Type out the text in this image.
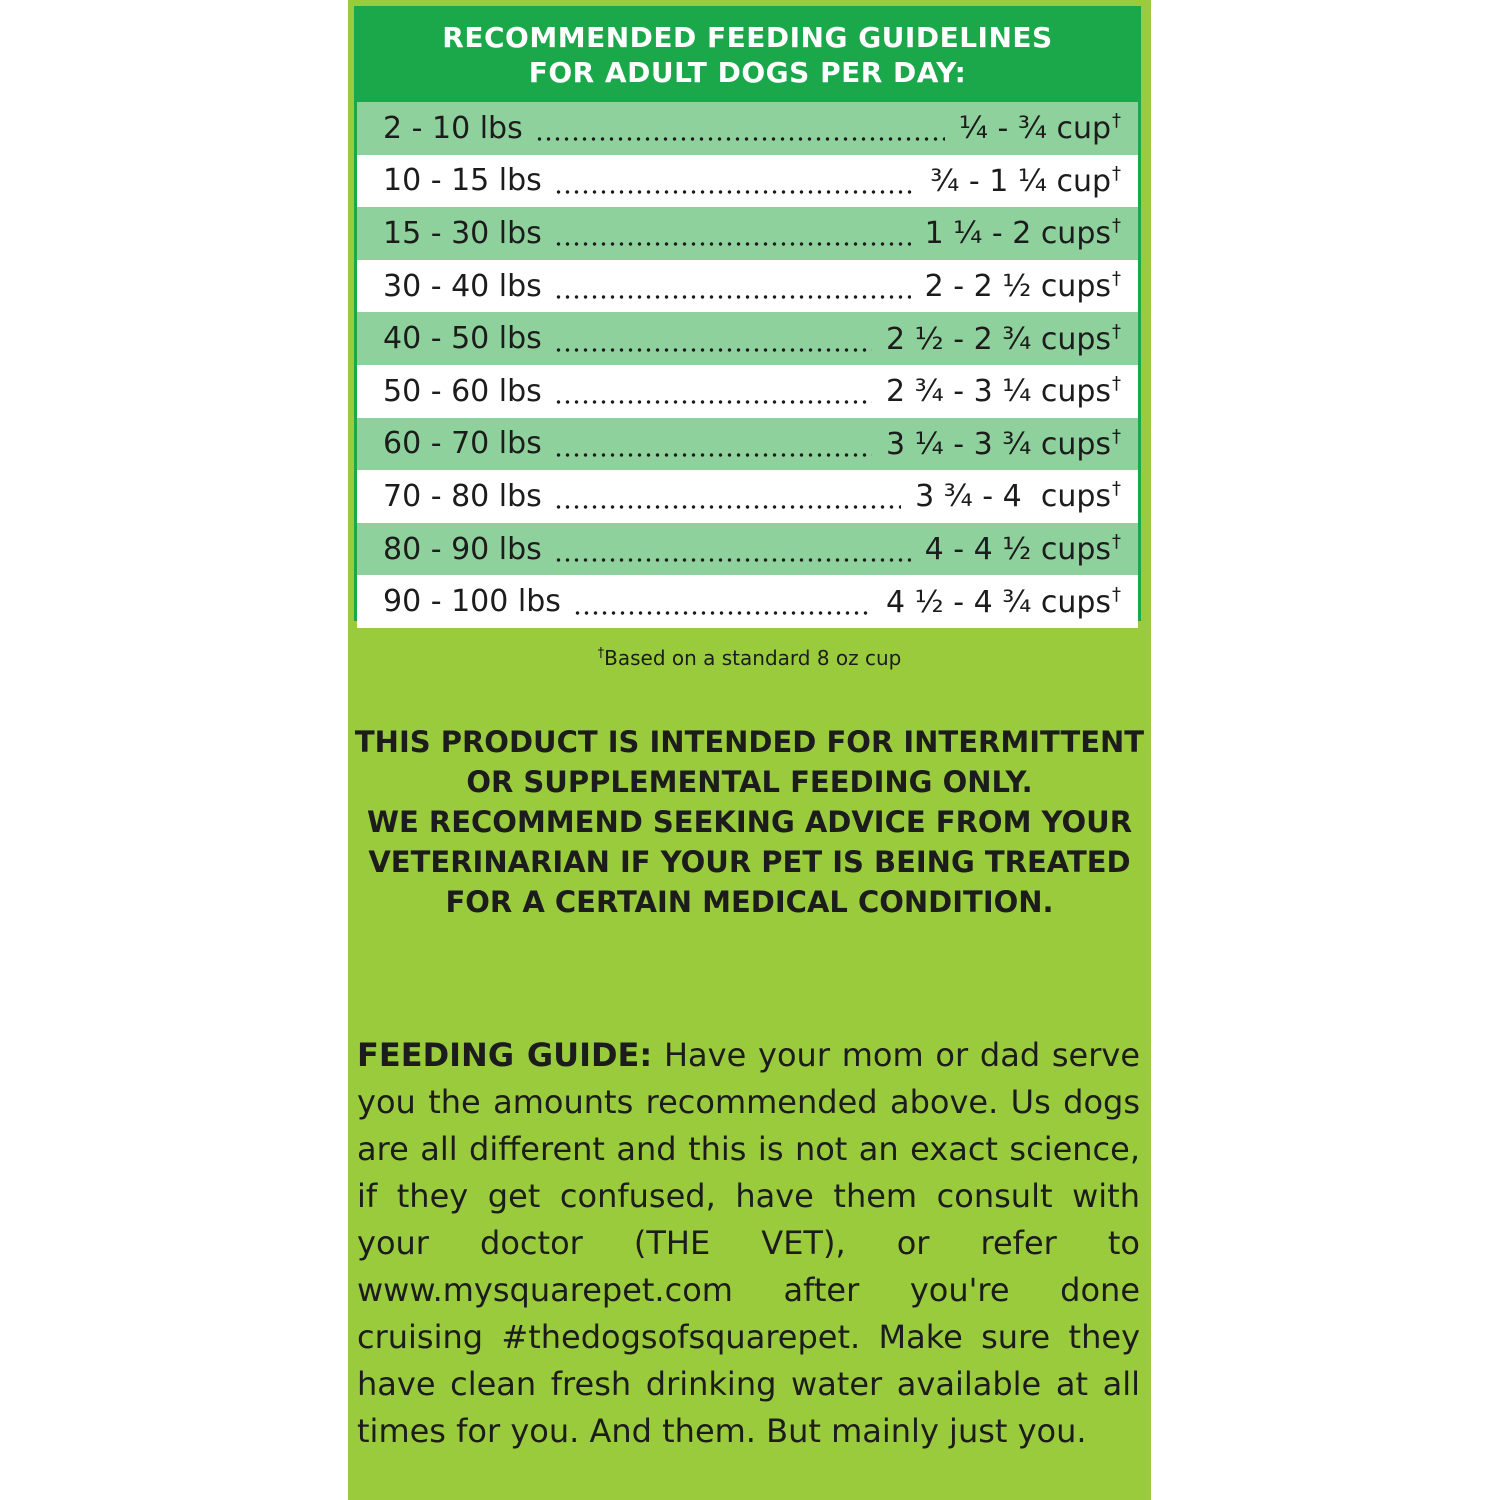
RECOMMENDED FEEDING GUIDELINES
FOR ADULT DOGS PER DAY:
2 - 10 lbs	¼ - ¾ cup†
10 - 15 lbs	¾ - 1 ¼ cup†
15 - 30 lbs	1 ¼ - 2 cups†
30 - 40 lbs	2 - 2 ½ cups†
40 - 50 lbs	2 ½ - 2 ¾ cups†
50 - 60 lbs	2 ¾ - 3 ¼ cups†
60 - 70 lbs	3 ¼ - 3 ¾ cups†
70 - 80 lbs	3 ¾ - 4  cups†
80 - 90 lbs	4 - 4 ½ cups†
90 - 100 lbs	4 ½ - 4 ¾ cups†
†Based on a standard 8 oz cup
THIS PRODUCT IS INTENDED FOR INTERMITTENT
OR SUPPLEMENTAL FEEDING ONLY.
WE RECOMMEND SEEKING ADVICE FROM YOUR
VETERINARIAN IF YOUR PET IS BEING TREATED
FOR A CERTAIN MEDICAL CONDITION.
FEEDING GUIDE: Have your mom or dad serve you the amounts recommended above. Us dogs are all different and this is not an exact science, if they get confused, have them consult with your doctor (THE VET), or refer to www.mysquarepet.com after you're done cruising #thedogsofsquarepet. Make sure they have clean fresh drinking water available at all times for you. And them. But mainly just you.
